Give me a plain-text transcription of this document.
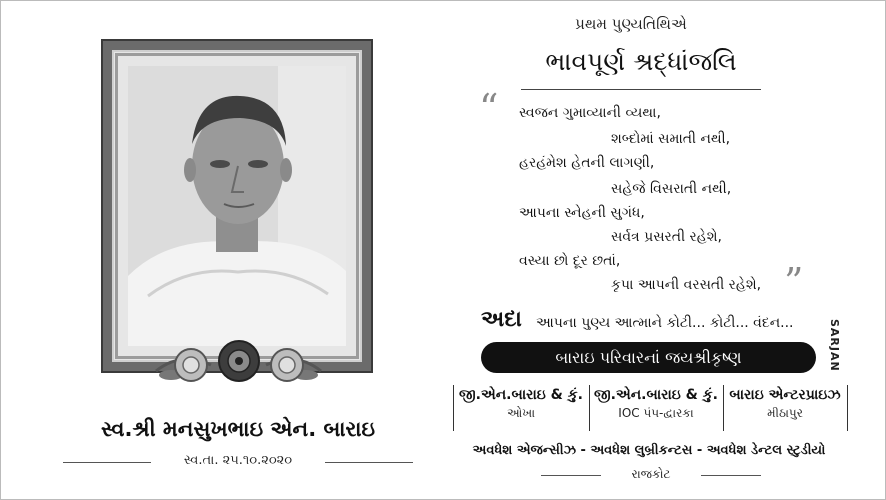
સ્વ.શ્રી મનસુખભાઇ એન. બારાઇ
સ્વ.તા. ૨૫.૧૦.૨૦૨૦
પ્રથમ પુણ્યતિથિએ
ભાવપૂર્ણ શ્રદ્ધાંજલિ
“ સ્વજન ગુમાવ્યાની વ્યથા,
શબ્દોમાં સમાતી નથી,
હરહંમેશ હેતની લાગણી,
સહેજે વિસરાતી નથી,
આપના સ્નેહની સુગંધ,
સર્વત્ર પ્રસરતી રહેશે,
વસ્યા છો દૂર છતાં,
કૃપા આપની વરસતી રહેશે, ”
અદા આપના પુણ્ય આત્માને કોટી... કોટી... વંદન...
બારાઇ પરિવારનાં જયશ્રીકૃષ્ણ
જી.એન.બારાઇ & કું.
ઓખા
જી.એન.બારાઇ & કું.
IOC પંપ-દ્વારકા
બારાઇ એન્ટરપ્રાઇઝ
મીઠાપુર
અવધેશ એજન્સીઝ - અવધેશ લુબ્રીકન્ટસ - અવધેશ ડેન્ટલ સ્ટુડીયો
રાજકોટ
SARJAN
